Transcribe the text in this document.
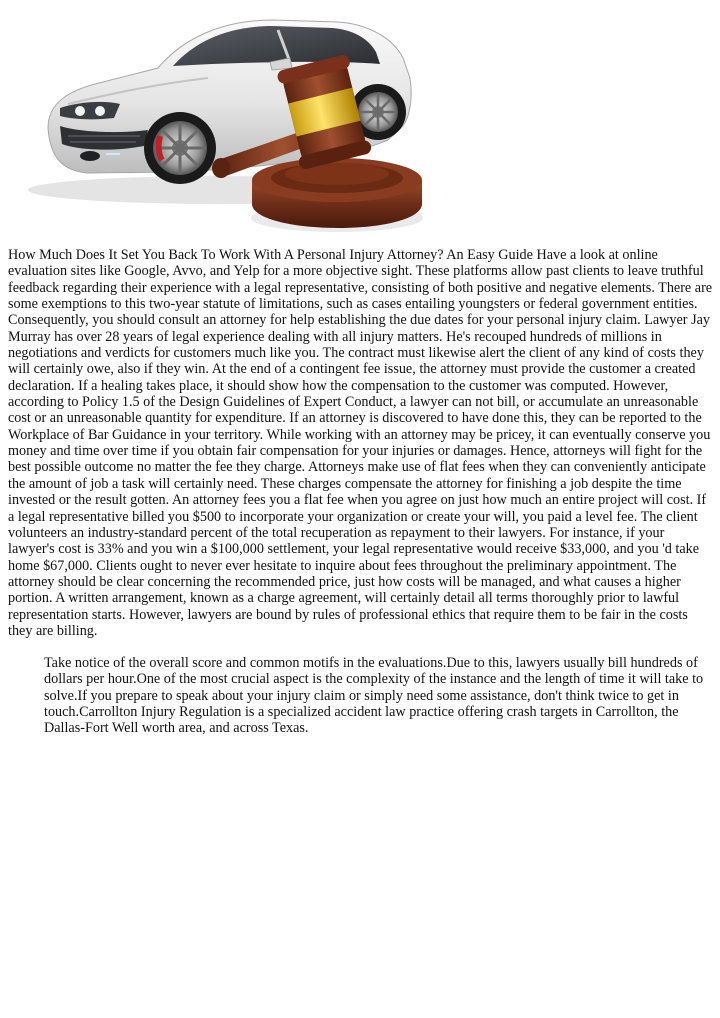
How Much Does It Set You Back To Work With A Personal Injury Attorney? An Easy Guide Have a look at online evaluation sites like Google, Avvo, and Yelp for a more objective sight. These platforms allow past clients to leave truthful feedback regarding their experience with a legal representative, consisting of both positive and negative elements. There are some exemptions to this two-year statute of limitations, such as cases entailing youngsters or federal government entities. Consequently, you should consult an attorney for help establishing the due dates for your personal injury claim. Lawyer Jay Murray has over 28 years of legal experience dealing with all injury matters. He's recouped hundreds of millions in negotiations and verdicts for customers much like you. The contract must likewise alert the client of any kind of costs they will certainly owe, also if they win. At the end of a contingent fee issue, the attorney must provide the customer a created declaration. If a healing takes place, it should show how the compensation to the customer was computed. However, according to Policy 1.5 of the Design Guidelines of Expert Conduct, a lawyer can not bill, or accumulate an unreasonable cost or an unreasonable quantity for expenditure. If an attorney is discovered to have done this, they can be reported to the Workplace of Bar Guidance in your territory. While working with an attorney may be pricey, it can eventually conserve you money and time over time if you obtain fair compensation for your injuries or damages. Hence, attorneys will fight for the best possible outcome no matter the fee they charge. Attorneys make use of flat fees when they can conveniently anticipate the amount of job a task will certainly need. These charges compensate the attorney for finishing a job despite the time invested or the result gotten. An attorney fees you a flat fee when you agree on just how much an entire project will cost. If a legal representative billed you $500 to incorporate your organization or create your will, you paid a level fee. The client volunteers an industry-standard percent of the total recuperation as repayment to their lawyers. For instance, if your lawyer's cost is 33% and you win a $100,000 settlement, your legal representative would receive $33,000, and you 'd take home $67,000. Clients ought to never ever hesitate to inquire about fees throughout the preliminary appointment. The attorney should be clear concerning the recommended price, just how costs will be managed, and what causes a higher portion. A written arrangement, known as a charge agreement, will certainly detail all terms thoroughly prior to lawful representation starts. However, lawyers are bound by rules of professional ethics that require them to be fair in the costs they are billing.

Take notice of the overall score and common motifs in the evaluations.Due to this, lawyers usually bill hundreds of dollars per hour.One of the most crucial aspect is the complexity of the instance and the length of time it will take to solve.If you prepare to speak about your injury claim or simply need some assistance, don't think twice to get in touch.Carrollton Injury Regulation is a specialized accident law practice offering crash targets in Carrollton, the Dallas-Fort Well worth area, and across Texas.
